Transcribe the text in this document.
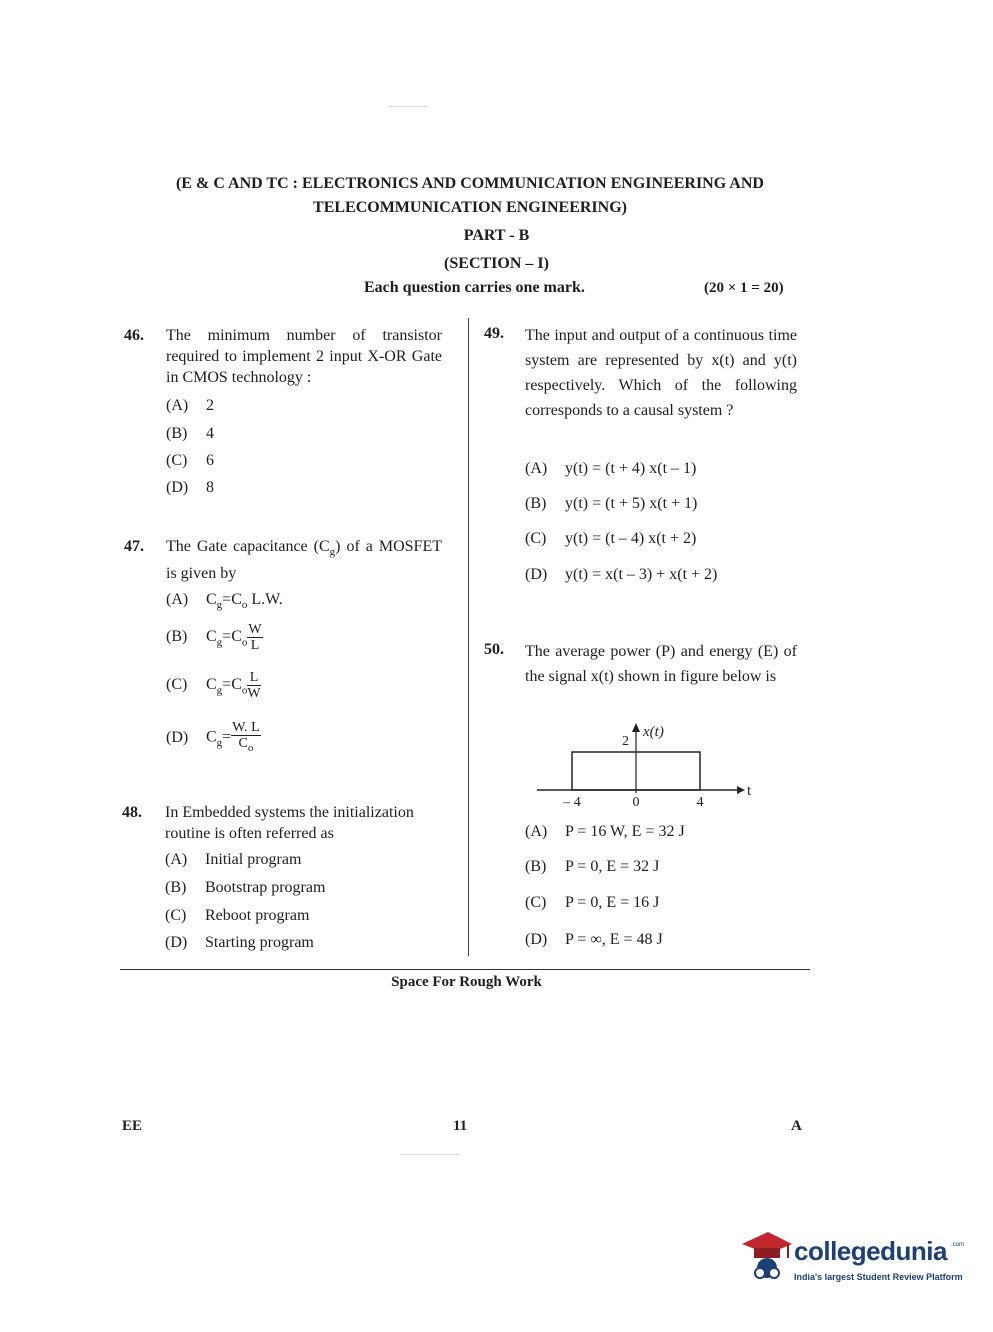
(E & C AND TC : ELECTRONICS AND COMMUNICATION ENGINEERING AND
TELECOMMUNICATION ENGINEERING)
PART - B
(SECTION – I)
Each question carries one mark.	(20 × 1 = 20)
46. The minimum number of transistor required to implement 2 input X-OR Gate in CMOS technology :
(A) 2
(B) 4
(C) 6
(D) 8
47. The Gate capacitance $(C_g)$ of a MOSFET is given by
(A) $C_g=C_o$ L.W.
(B) $C_g=C_o \frac{W}{L}$
(C) $C_g=C_o \frac{L}{W}$
(D) $C_g= \frac{W. L}{C_o}$
48. In Embedded systems the initialization routine is often referred as
(A) Initial program
(B) Bootstrap program
(C) Reboot program
(D) Starting program
49. The input and output of a continuous time system are represented by x(t) and y(t) respectively. Which of the following corresponds to a causal system ?
(A) y(t) = (t + 4) x(t – 1)
(B) y(t) = (t + 5) x(t + 1)
(C) y(t) = (t – 4) x(t + 2)
(D) y(t) = x(t – 3) + x(t + 2)
50. The average power (P) and energy (E) of the signal x(t) shown in figure below is
2
x(t)
t
– 4	0	4
(A) P = 16 W, E = 32 J
(B) P = 0, E = 32 J
(C) P = 0, E = 16 J
(D) P = ∞, E = 48 J
Space For Rough Work
EE	11	A
collegedunia .com
India's largest Student Review Platform
